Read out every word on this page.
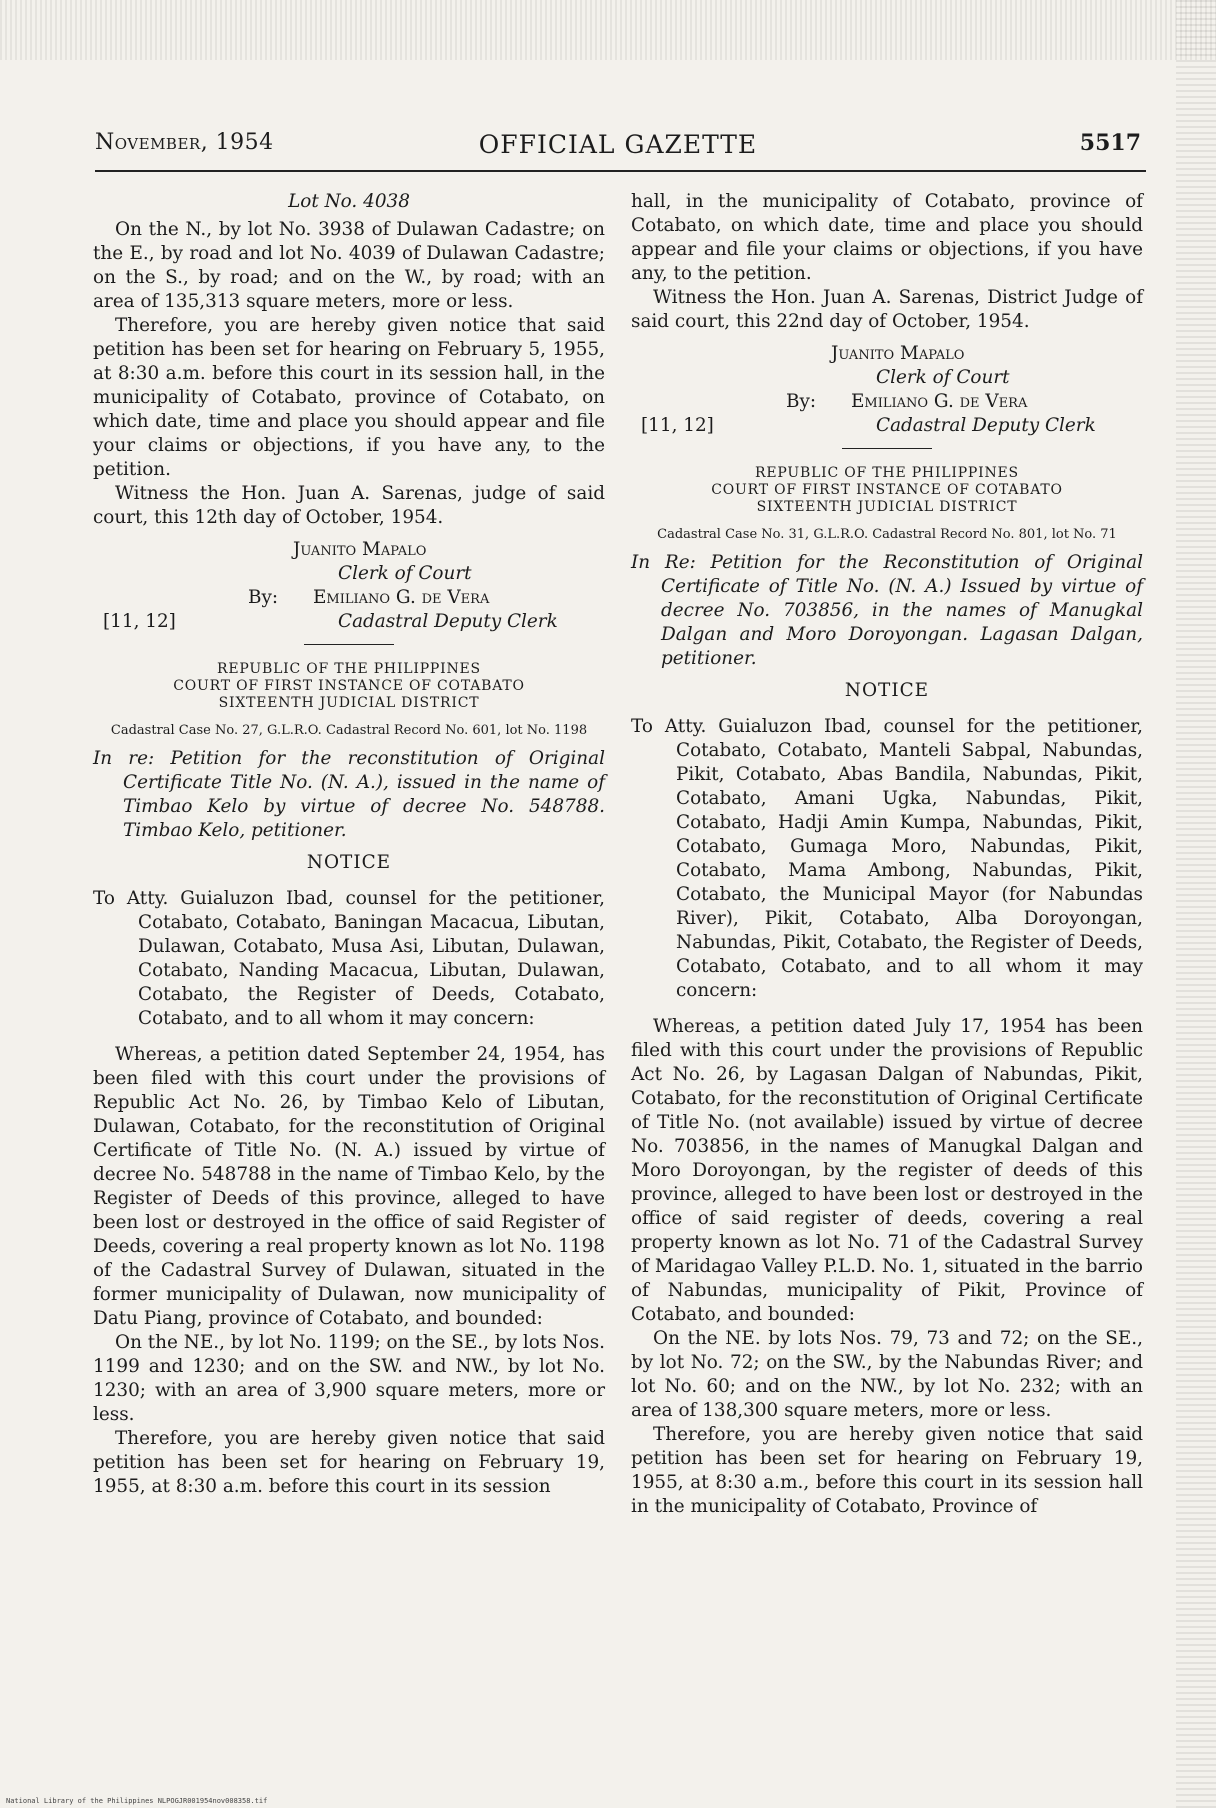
November, 1954	OFFICIAL GAZETTE	5517

Lot No. 4038

On the N., by lot No. 3938 of Dulawan Cadastre; on the E., by road and lot No. 4039 of Dulawan Cadastre; on the S., by road; and on the W., by road; with an area of 135,313 square meters, more or less.

Therefore, you are hereby given notice that said petition has been set for hearing on February 5, 1955, at 8:30 a.m. before this court in its session hall, in the municipality of Cotabato, province of Cotabato, on which date, time and place you should appear and file your claims or objections, if you have any, to the petition.

Witness the Hon. Juan A. Sarenas, judge of said court, this 12th day of October, 1954.

Juanito Mapalo

Clerk of Court

By: Emiliano G. de Vera
[11, 12]	Cadastral Deputy Clerk

REPUBLIC OF THE PHILIPPINES

COURT OF FIRST INSTANCE OF COTABATO

SIXTEENTH JUDICIAL DISTRICT

Cadastral Case No. 27, G.L.R.O. Cadastral Record No. 601, lot No. 1198

In re: Petition for the reconstitution of Original Certificate Title No. (N. A.), issued in the name of Timbao Kelo by virtue of decree No. 548788. Timbao Kelo, petitioner.

NOTICE

To Atty. Guialuzon Ibad, counsel for the petitioner, Cotabato, Cotabato, Baningan Macacua, Libutan, Dulawan, Cotabato, Musa Asi, Libutan, Dulawan, Cotabato, Nanding Macacua, Libutan, Dulawan, Cotabato, the Register of Deeds, Cotabato, Cotabato, and to all whom it may concern:

Whereas, a petition dated September 24, 1954, has been filed with this court under the provisions of Republic Act No. 26, by Timbao Kelo of Libutan, Dulawan, Cotabato, for the reconstitution of Original Certificate of Title No. (N. A.) issued by virtue of decree No. 548788 in the name of Timbao Kelo, by the Register of Deeds of this province, alleged to have been lost or destroyed in the office of said Register of Deeds, covering a real property known as lot No. 1198 of the Cadastral Survey of Dulawan, situated in the former municipality of Dulawan, now municipality of Datu Piang, province of Cotabato, and bounded:

On the NE., by lot No. 1199; on the SE., by lots Nos. 1199 and 1230; and on the SW. and NW., by lot No. 1230; with an area of 3,900 square meters, more or less.

Therefore, you are hereby given notice that said petition has been set for hearing on February 19, 1955, at 8:30 a.m. before this court in its session

hall, in the municipality of Cotabato, province of Cotabato, on which date, time and place you should appear and file your claims or objections, if you have any, to the petition.

Witness the Hon. Juan A. Sarenas, District Judge of said court, this 22nd day of October, 1954.

Juanito Mapalo

Clerk of Court

By: Emiliano G. de Vera
[11, 12]	Cadastral Deputy Clerk

REPUBLIC OF THE PHILIPPINES

COURT OF FIRST INSTANCE OF COTABATO

SIXTEENTH JUDICIAL DISTRICT

Cadastral Case No. 31, G.L.R.O. Cadastral Record No. 801, lot No. 71

In Re: Petition for the Reconstitution of Original Certificate of Title No. (N. A.) Issued by virtue of decree No. 703856, in the names of Manugkal Dalgan and Moro Doroyongan. Lagasan Dalgan, petitioner.

NOTICE

To Atty. Guialuzon Ibad, counsel for the petitioner, Cotabato, Cotabato, Manteli Sabpal, Nabundas, Pikit, Cotabato, Abas Bandila, Nabundas, Pikit, Cotabato, Amani Ugka, Nabundas, Pikit, Cotabato, Hadji Amin Kumpa, Nabundas, Pikit, Cotabato, Gumaga Moro, Nabundas, Pikit, Cotabato, Mama Ambong, Nabundas, Pikit, Cotabato, the Municipal Mayor (for Nabundas River), Pikit, Cotabato, Alba Doroyongan, Nabundas, Pikit, Cotabato, the Register of Deeds, Cotabato, Cotabato, and to all whom it may concern:

Whereas, a petition dated July 17, 1954 has been filed with this court under the provisions of Republic Act No. 26, by Lagasan Dalgan of Nabundas, Pikit, Cotabato, for the reconstitution of Original Certificate of Title No. (not available) issued by virtue of decree No. 703856, in the names of Manugkal Dalgan and Moro Doroyongan, by the register of deeds of this province, alleged to have been lost or destroyed in the office of said register of deeds, covering a real property known as lot No. 71 of the Cadastral Survey of Maridagao Valley P.L.D. No. 1, situated in the barrio of Nabundas, municipality of Pikit, Province of Cotabato, and bounded:

On the NE. by lots Nos. 79, 73 and 72; on the SE., by lot No. 72; on the SW., by the Nabundas River; and lot No. 60; and on the NW., by lot No. 232; with an area of 138,300 square meters, more or less.

Therefore, you are hereby given notice that said petition has been set for hearing on February 19, 1955, at 8:30 a.m., before this court in its session hall in the municipality of Cotabato, Province of

National Library of the Philippines NLPOGJR001954nov008358.tif
